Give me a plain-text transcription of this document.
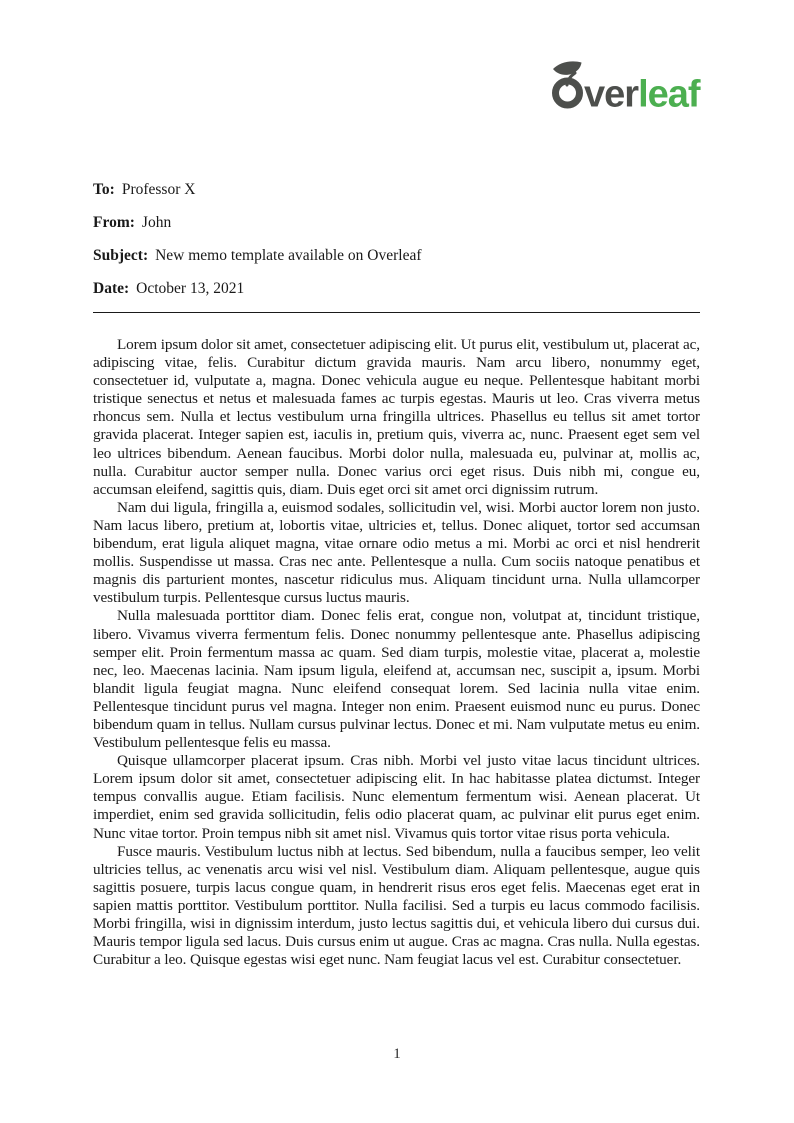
verleaf
To: Professor X
From: John
Subject: New memo template available on Overleaf
Date: October 13, 2021

Lorem ipsum dolor sit amet, consectetuer adipiscing elit. Ut purus elit, vestibulum ut, placerat ac, adipiscing vitae, felis. Curabitur dictum gravida mauris. Nam arcu libero, nonummy eget, consectetuer id, vulputate a, magna. Donec vehicula augue eu neque. Pellentesque habitant morbi tristique senectus et netus et malesuada fames ac turpis egestas. Mauris ut leo. Cras viverra metus rhoncus sem. Nulla et lectus vestibulum urna fringilla ultrices. Phasellus eu tellus sit amet tortor gravida placerat. Integer sapien est, iaculis in, pretium quis, viverra ac, nunc. Praesent eget sem vel leo ultrices bibendum. Aenean faucibus. Morbi dolor nulla, malesuada eu, pulvinar at, mollis ac, nulla. Curabitur auctor semper nulla. Donec varius orci eget risus. Duis nibh mi, congue eu, accumsan eleifend, sagittis quis, diam. Duis eget orci sit amet orci dignissim rutrum.

Nam dui ligula, fringilla a, euismod sodales, sollicitudin vel, wisi. Morbi auctor lorem non justo. Nam lacus libero, pretium at, lobortis vitae, ultricies et, tellus. Donec aliquet, tortor sed accumsan bibendum, erat ligula aliquet magna, vitae ornare odio metus a mi. Morbi ac orci et nisl hendrerit mollis. Suspendisse ut massa. Cras nec ante. Pellentesque a nulla. Cum sociis natoque penatibus et magnis dis parturient montes, nascetur ridiculus mus. Aliquam tincidunt urna. Nulla ullamcorper vestibulum turpis. Pellentesque cursus luctus mauris.

Nulla malesuada porttitor diam. Donec felis erat, congue non, volutpat at, tincidunt tristique, libero. Vivamus viverra fermentum felis. Donec nonummy pellentesque ante. Phasellus adipiscing semper elit. Proin fermentum massa ac quam. Sed diam turpis, molestie vitae, placerat a, molestie nec, leo. Maecenas lacinia. Nam ipsum ligula, eleifend at, accumsan nec, suscipit a, ipsum. Morbi blandit ligula feugiat magna. Nunc eleifend consequat lorem. Sed lacinia nulla vitae enim. Pellentesque tincidunt purus vel magna. Integer non enim. Praesent euismod nunc eu purus. Donec bibendum quam in tellus. Nullam cursus pulvinar lectus. Donec et mi. Nam vulputate metus eu enim. Vestibulum pellentesque felis eu massa.

Quisque ullamcorper placerat ipsum. Cras nibh. Morbi vel justo vitae lacus tincidunt ultrices. Lorem ipsum dolor sit amet, consectetuer adipiscing elit. In hac habitasse platea dictumst. Integer tempus convallis augue. Etiam facilisis. Nunc elementum fermentum wisi. Aenean placerat. Ut imperdiet, enim sed gravida sollicitudin, felis odio placerat quam, ac pulvinar elit purus eget enim. Nunc vitae tortor. Proin tempus nibh sit amet nisl. Vivamus quis tortor vitae risus porta vehicula.

Fusce mauris. Vestibulum luctus nibh at lectus. Sed bibendum, nulla a faucibus semper, leo velit ultricies tellus, ac venenatis arcu wisi vel nisl. Vestibulum diam. Aliquam pellentesque, augue quis sagittis posuere, turpis lacus congue quam, in hendrerit risus eros eget felis. Maecenas eget erat in sapien mattis porttitor. Vestibulum porttitor. Nulla facilisi. Sed a turpis eu lacus commodo facilisis. Morbi fringilla, wisi in dignissim interdum, justo lectus sagittis dui, et vehicula libero dui cursus dui. Mauris tempor ligula sed lacus. Duis cursus enim ut augue. Cras ac magna. Cras nulla. Nulla egestas. Curabitur a leo. Quisque egestas wisi eget nunc. Nam feugiat lacus vel est. Curabitur consectetuer.

1
